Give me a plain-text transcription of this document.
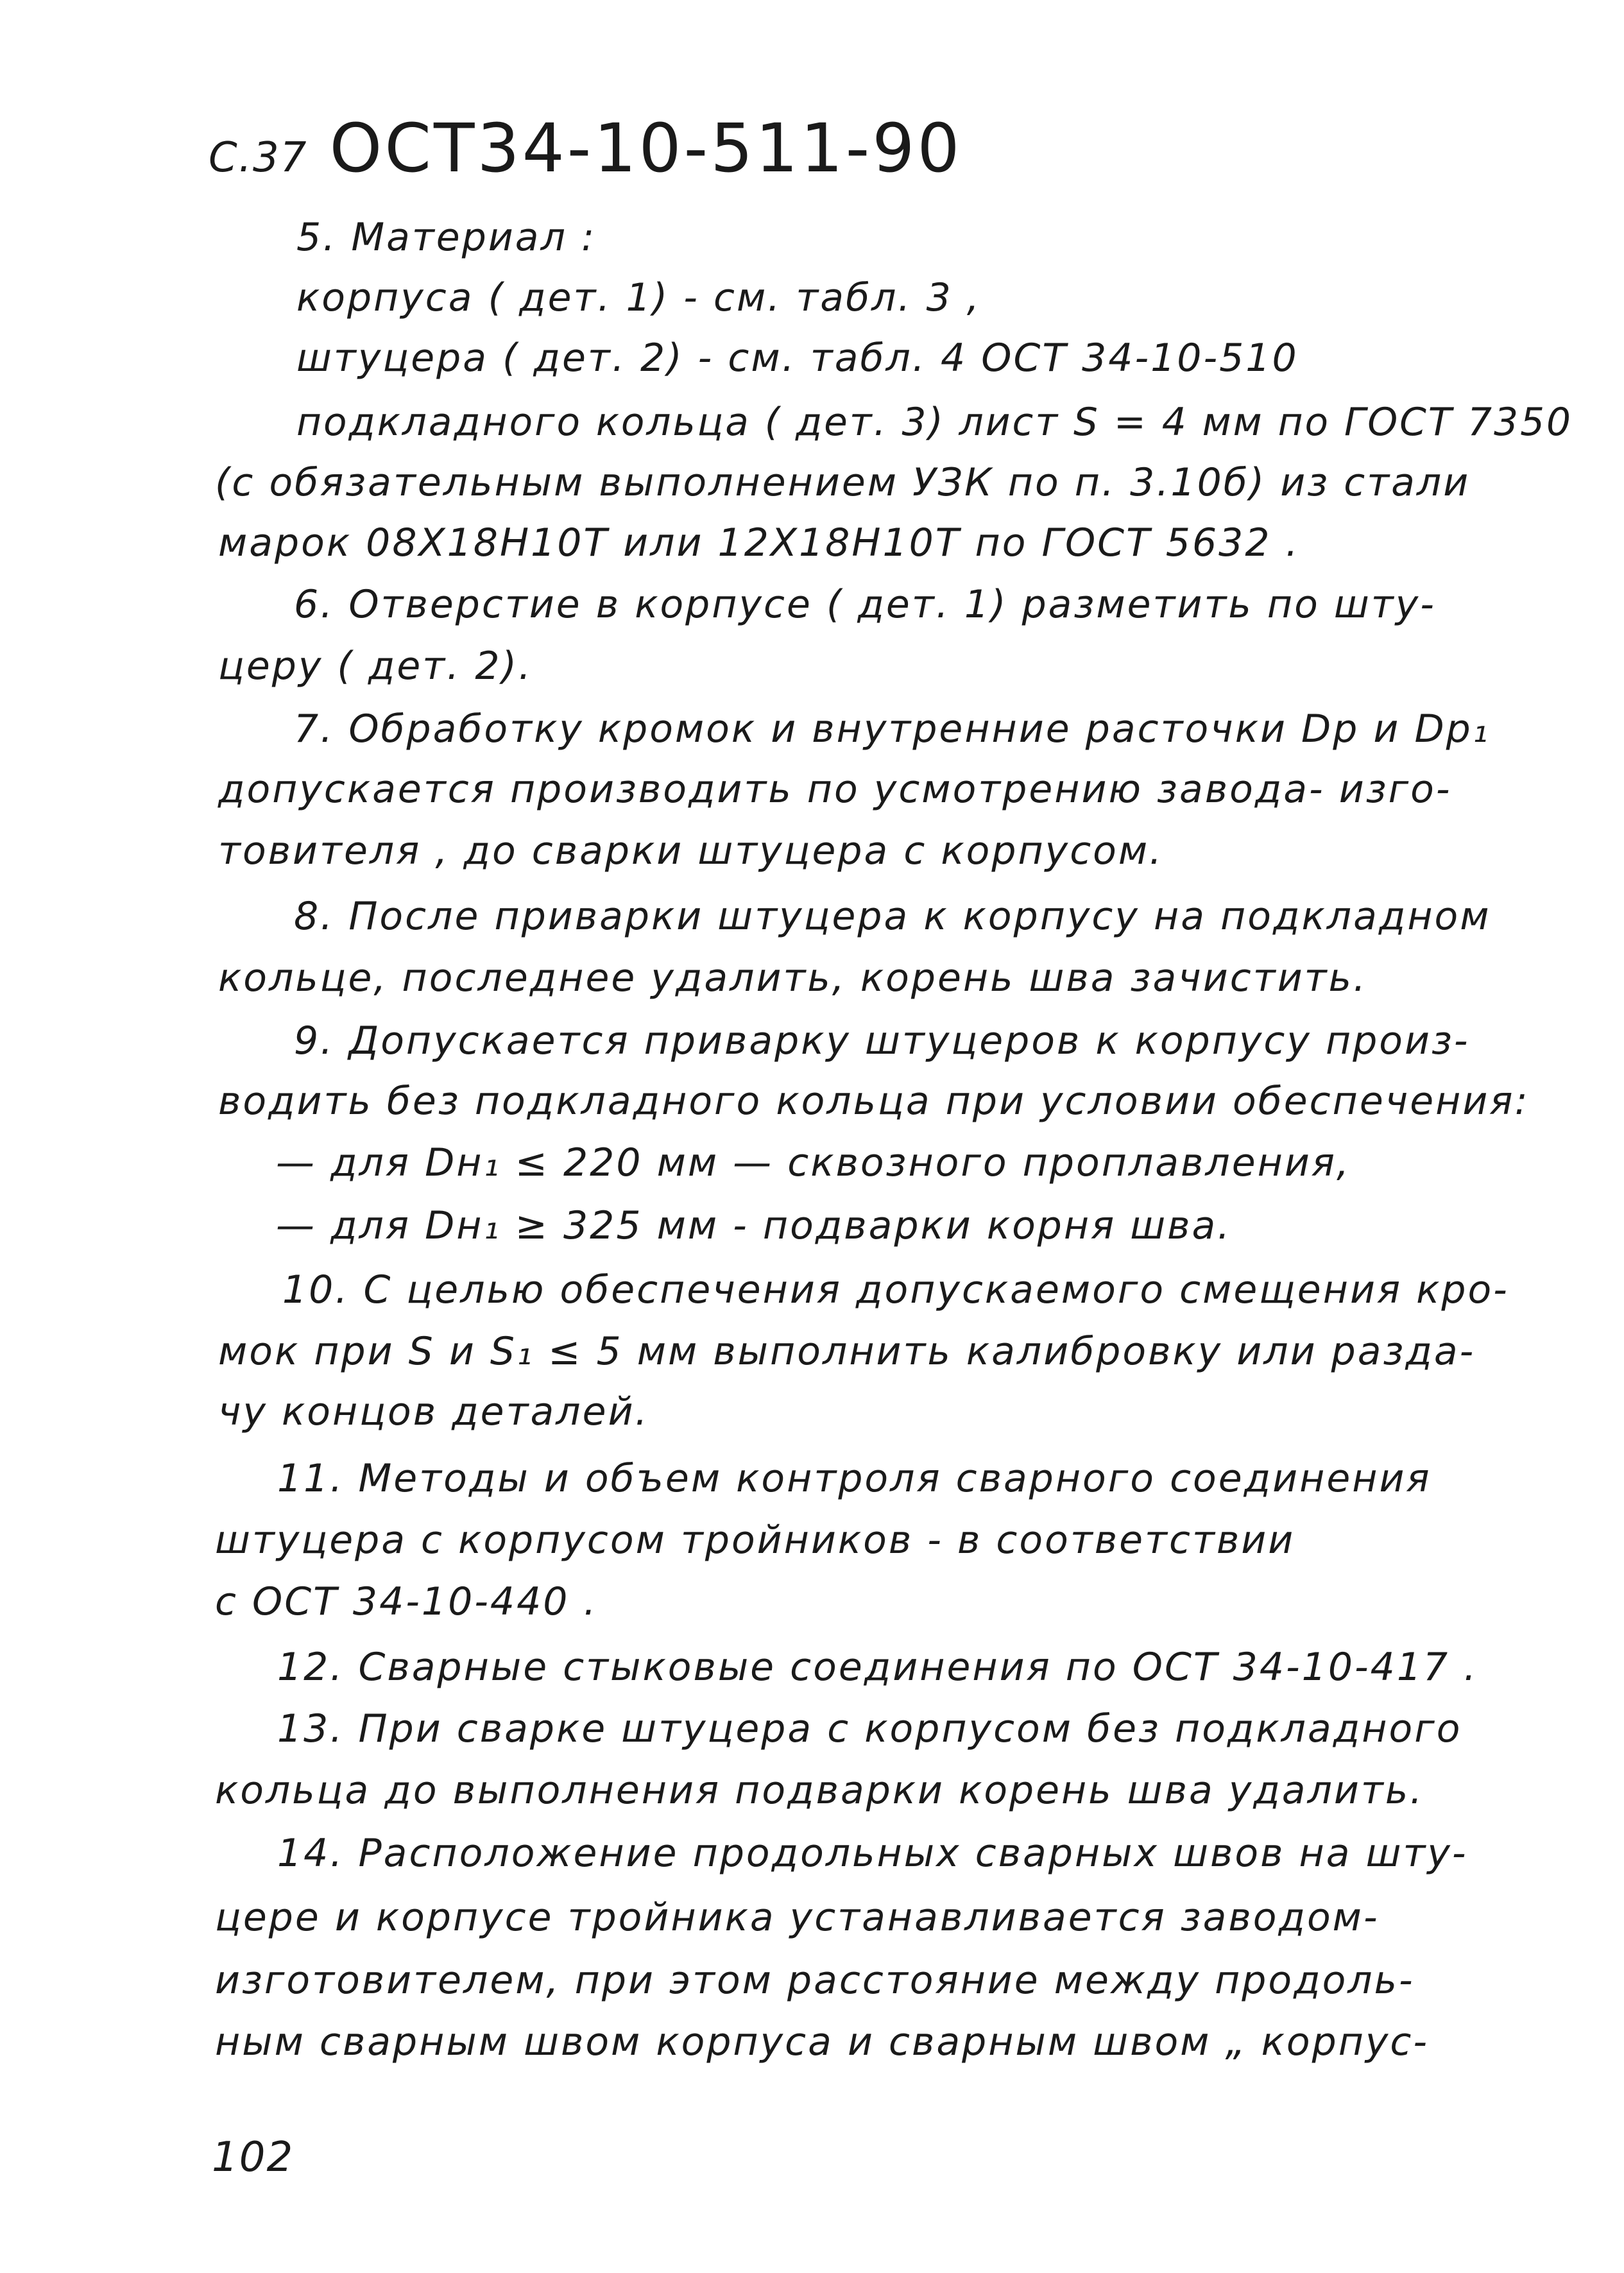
С.37 ОСТ34-10-511-90
5. Материал :
корпуса ( дет. 1) - см. табл. 3 ,
штуцера ( дет. 2) - см. табл. 4 ОСТ 34-10-510
подкладного кольца ( дет. 3) лист S = 4 мм по ГОСТ 7350
(с обязательным выполнением УЗК по п. 3.10б) из стали
марок 08Х18Н10Т или 12Х18Н10Т по ГОСТ 5632 .
6. Отверстие в корпусе ( дет. 1) разметить по шту-
церу ( дет. 2).
7. Обработку кромок и внутренние расточки Dр и Dр₁
допускается производить по усмотрению завода- изго-
товителя , до сварки штуцера с корпусом.
8. После приварки штуцера к корпусу на подкладном
кольце, последнее удалить, корень шва зачистить.
9. Допускается приварку штуцеров к корпусу произ-
водить без подкладного кольца при условии обеспечения:
— для Dн₁ ≤ 220 мм — сквозного проплавления,
— для Dн₁ ≥ 325 мм - подварки корня шва.
10. С целью обеспечения допускаемого смещения кро-
мок при S и S₁ ≤ 5 мм выполнить калибровку или разда-
чу концов деталей.
11. Методы и объем контроля сварного соединения
штуцера с корпусом тройников - в соответствии
с ОСТ 34-10-440 .
12. Сварные стыковые соединения по ОСТ 34-10-417 .
13. При сварке штуцера с корпусом без подкладного
кольца до выполнения подварки корень шва удалить.
14. Расположение продольных сварных швов на шту-
цере и корпусе тройника устанавливается заводом-
изготовителем, при этом расстояние между продоль-
ным сварным швом корпуса и сварным швом „ корпус-
102
